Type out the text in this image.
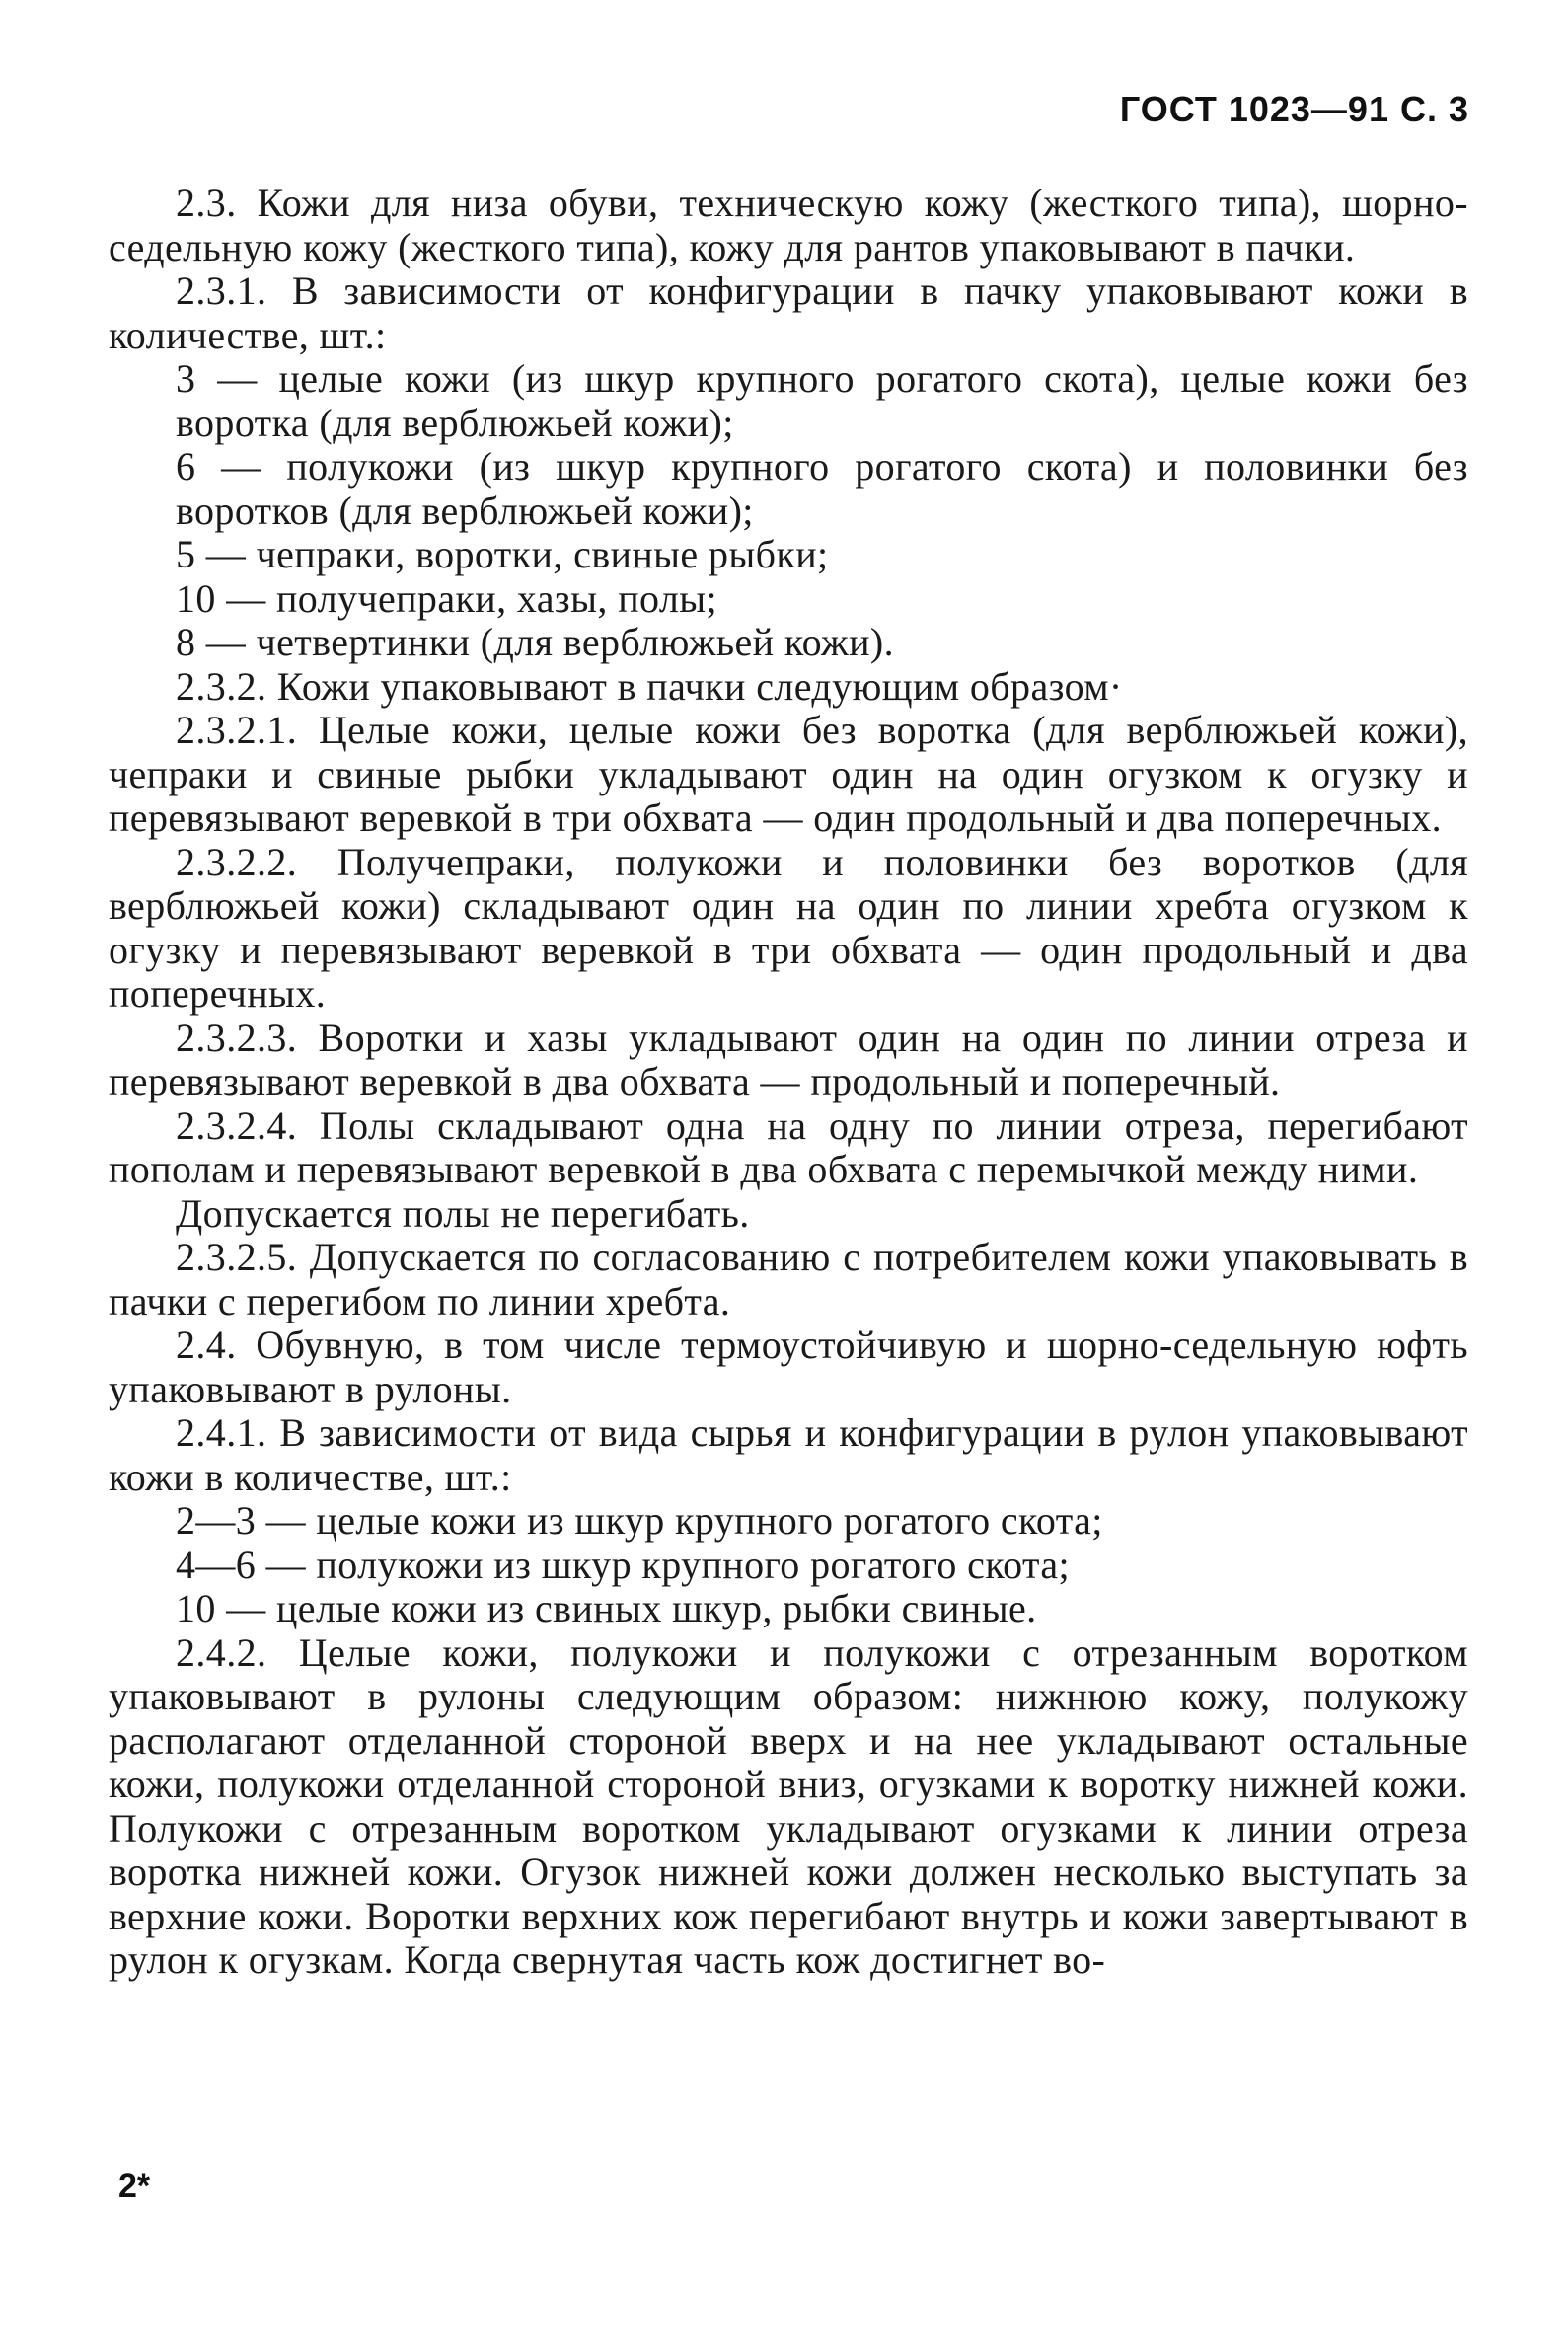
ГОСТ 1023—91 С. 3

2.3. Кожи для низа обуви, техническую кожу (жесткого типа), шорно-седельную кожу (жесткого типа), кожу для рантов упаковывают в пачки.

2.3.1. В зависимости от конфигурации в пачку упаковывают кожи в количестве, шт.:

3 — целые кожи (из шкур крупного рогатого скота), целые кожи без воротка (для верблюжьей кожи);

6 — полукожи (из шкур крупного рогатого скота) и половинки без воротков (для верблюжьей кожи);

5 — чепраки, воротки, свиные рыбки;

10 — получепраки, хазы, полы;

8 — четвертинки (для верблюжьей кожи).

2.3.2. Кожи упаковывают в пачки следующим образом·

2.3.2.1. Целые кожи, целые кожи без воротка (для верблюжьей кожи), чепраки и свиные рыбки укладывают один на один огузком к огузку и перевязывают веревкой в три обхвата — один продольный и два поперечных.

2.3.2.2. Получепраки, полукожи и половинки без воротков (для верблюжьей кожи) складывают один на один по линии хребта огузком к огузку и перевязывают веревкой в три обхвата — один продольный и два поперечных.

2.3.2.3. Воротки и хазы укладывают один на один по линии отреза и перевязывают веревкой в два обхвата — продольный и поперечный.

2.3.2.4. Полы складывают одна на одну по линии отреза, перегибают пополам и перевязывают веревкой в два обхвата с перемычкой между ними.

Допускается полы не перегибать.

2.3.2.5. Допускается по согласованию с потребителем кожи упаковывать в пачки с перегибом по линии хребта.

2.4. Обувную, в том числе термоустойчивую и шорно-седельную юфть упаковывают в рулоны.

2.4.1. В зависимости от вида сырья и конфигурации в рулон упаковывают кожи в количестве, шт.:

2—3 — целые кожи из шкур крупного рогатого скота;

4—6 — полукожи из шкур крупного рогатого скота;

10 — целые кожи из свиных шкур, рыбки свиные.

2.4.2. Целые кожи, полукожи и полукожи с отрезанным воротком упаковывают в рулоны следующим образом: нижнюю кожу, полукожу располагают отделанной стороной вверх и на нее укладывают остальные кожи, полукожи отделанной стороной вниз, огузками к воротку нижней кожи. Полукожи с отрезанным воротком укладывают огузками к линии отреза воротка нижней кожи. Огузок нижней кожи должен несколько выступать за верхние кожи. Воротки верхних кож перегибают внутрь и кожи завертывают в рулон к огузкам. Когда свернутая часть кож достигнет во-

2*
